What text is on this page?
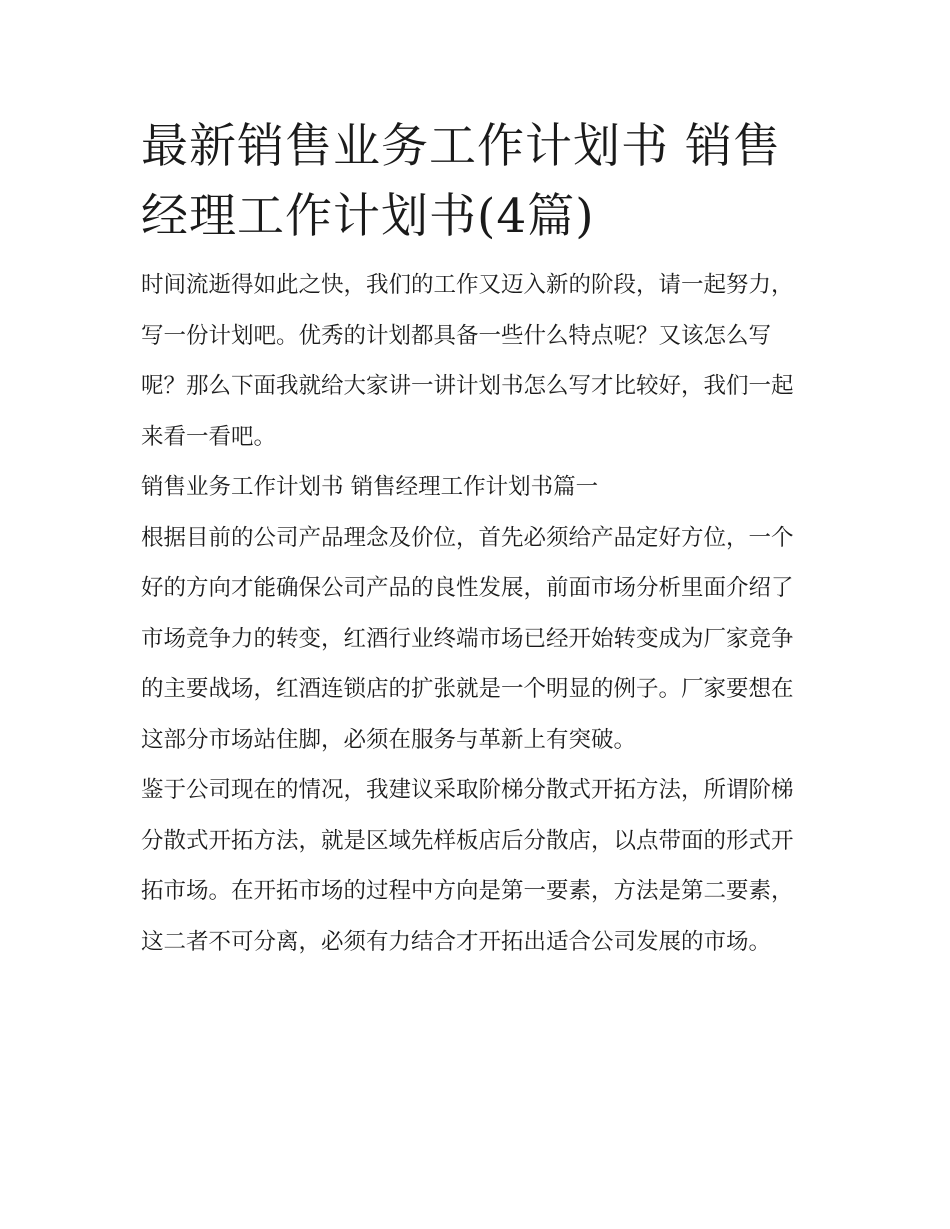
最新销售业务工作计划书 销售经理工作计划书(4篇)

时间流逝得如此之快，我们的工作又迈入新的阶段，请一起努力，写一份计划吧。优秀的计划都具备一些什么特点呢？又该怎么写呢？那么下面我就给大家讲一讲计划书怎么写才比较好，我们一起来看一看吧。

销售业务工作计划书 销售经理工作计划书篇一

根据目前的公司产品理念及价位，首先必须给产品定好方位，一个好的方向才能确保公司产品的良性发展，前面市场分析里面介绍了市场竞争力的转变，红酒行业终端市场已经开始转变成为厂家竞争的主要战场，红酒连锁店的扩张就是一个明显的例子。厂家要想在这部分市场站住脚，必须在服务与革新上有突破。

鉴于公司现在的情况，我建议采取阶梯分散式开拓方法，所谓阶梯分散式开拓方法，就是区域先样板店后分散店，以点带面的形式开拓市场。在开拓市场的过程中方向是第一要素，方法是第二要素，这二者不可分离，必须有力结合才开拓出适合公司发展的市场。
